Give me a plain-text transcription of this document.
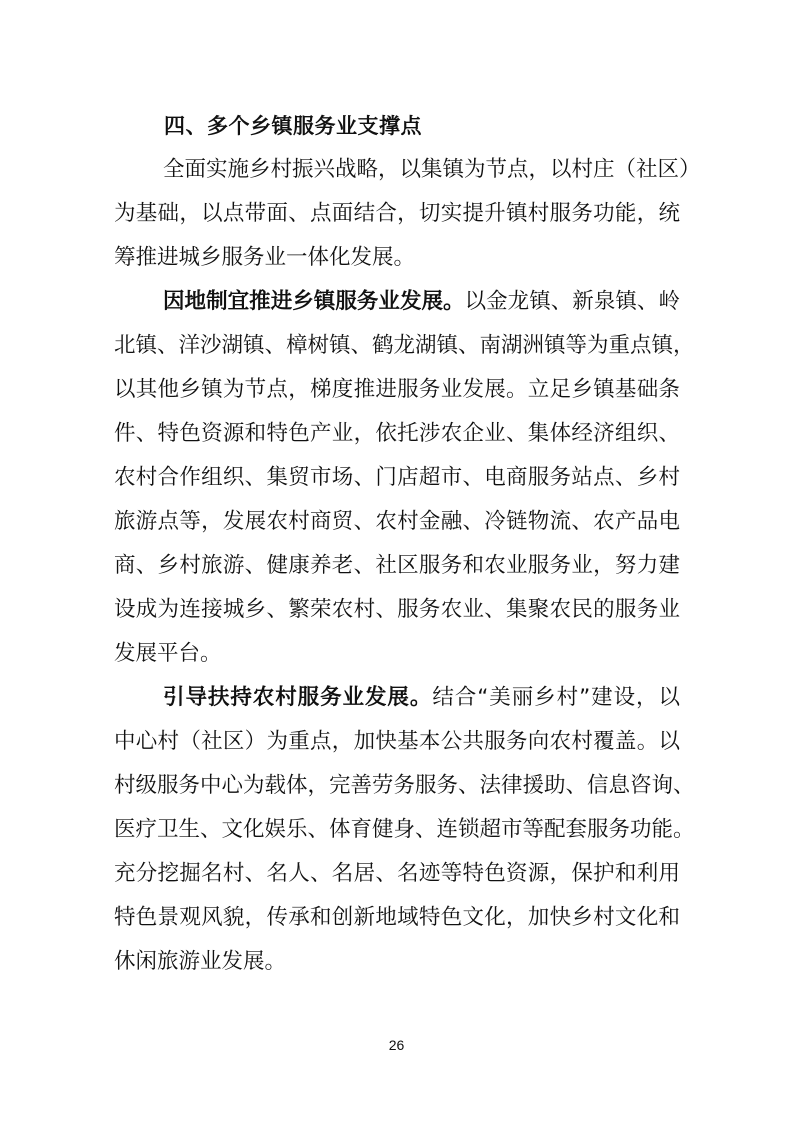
四、多个乡镇服务业支撑点
全面实施乡村振兴战略，以集镇为节点，以村庄（社区）
为基础，以点带面、点面结合，切实提升镇村服务功能，统
筹推进城乡服务业一体化发展。
因地制宜推进乡镇服务业发展。以金龙镇、新泉镇、岭
北镇、洋沙湖镇、樟树镇、鹤龙湖镇、南湖洲镇等为重点镇，
以其他乡镇为节点，梯度推进服务业发展。立足乡镇基础条
件、特色资源和特色产业，依托涉农企业、集体经济组织、
农村合作组织、集贸市场、门店超市、电商服务站点、乡村
旅游点等，发展农村商贸、农村金融、冷链物流、农产品电
商、乡村旅游、健康养老、社区服务和农业服务业，努力建
设成为连接城乡、繁荣农村、服务农业、集聚农民的服务业
发展平台。
引导扶持农村服务业发展。结合“美丽乡村”建设，以
中心村（社区）为重点，加快基本公共服务向农村覆盖。以
村级服务中心为载体，完善劳务服务、法律援助、信息咨询、
医疗卫生、文化娱乐、体育健身、连锁超市等配套服务功能。
充分挖掘名村、名人、名居、名迹等特色资源，保护和利用
特色景观风貌，传承和创新地域特色文化，加快乡村文化和
休闲旅游业发展。
26
